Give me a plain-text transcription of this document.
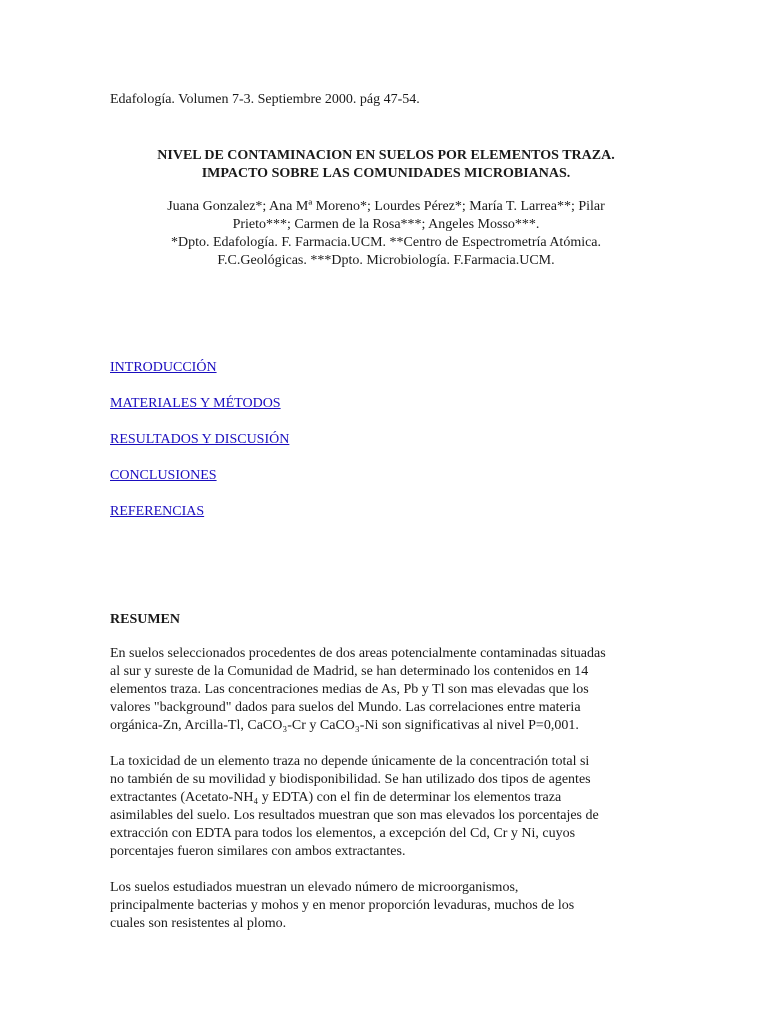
Edafología. Volumen 7-3. Septiembre 2000. pág 47-54.
NIVEL DE CONTAMINACION EN SUELOS POR ELEMENTOS TRAZA.
IMPACTO SOBRE LAS COMUNIDADES MICROBIANAS.
Juana Gonzalez*; Ana Mª Moreno*; Lourdes Pérez*; María T. Larrea**; Pilar
Prieto***; Carmen de la Rosa***; Angeles Mosso***.
*Dpto. Edafología. F. Farmacia.UCM. **Centro de Espectrometría Atómica.
F.C.Geológicas. ***Dpto. Microbiología. F.Farmacia.UCM.
INTRODUCCIÓN
MATERIALES Y MÉTODOS
RESULTADOS Y DISCUSIÓN
CONCLUSIONES
REFERENCIAS
RESUMEN
En suelos seleccionados procedentes de dos areas potencialmente contaminadas situadas
al sur y sureste de la Comunidad de Madrid, se han determinado los contenidos en 14
elementos traza. Las concentraciones medias de As, Pb y Tl son mas elevadas que los
valores "background" dados para suelos del Mundo. Las correlaciones entre materia
orgánica-Zn, Arcilla-Tl, CaCO₃-Cr y CaCO₃-Ni son significativas al nivel P=0,001.
La toxicidad de un elemento traza no depende únicamente de la concentración total si
no también de su movilidad y biodisponibilidad. Se han utilizado dos tipos de agentes
extractantes (Acetato-NH₄ y EDTA) con el fin de determinar los elementos traza
asimilables del suelo. Los resultados muestran que son mas elevados los porcentajes de
extracción con EDTA para todos los elementos, a excepción del Cd, Cr y Ni, cuyos
porcentajes fueron similares con ambos extractantes.
Los suelos estudiados muestran un elevado número de microorganismos,
principalmente bacterias y mohos y en menor proporción levaduras, muchos de los
cuales son resistentes al plomo.
